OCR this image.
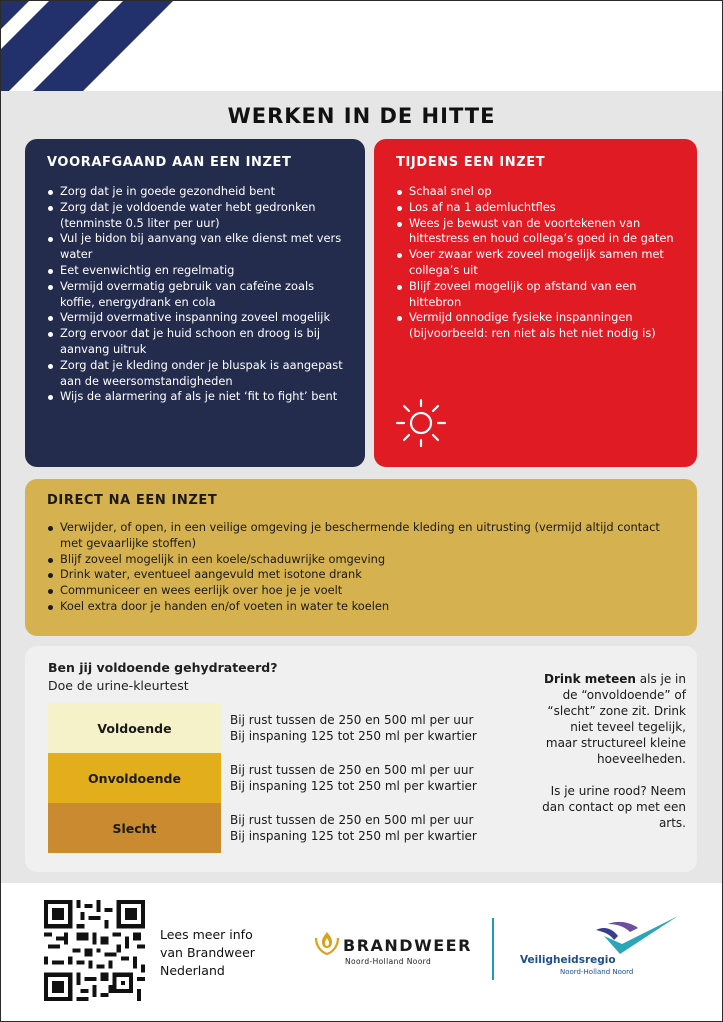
WERKEN IN DE HITTE
VOORAFGAAND AAN EEN INZET
Zorg dat je in goede gezondheid bent
Zorg dat je voldoende water hebt gedronken (tenminste 0.5 liter per uur)
Vul je bidon bij aanvang van elke dienst met vers water
Eet evenwichtig en regelmatig
Vermijd overmatig gebruik van cafeïne zoals koffie, energydrank en cola
Vermijd overmative inspanning zoveel mogelijk
Zorg ervoor dat je huid schoon en droog is bij aanvang uitruk
Zorg dat je kleding onder je bluspak is aangepast aan de weersomstandigheden
Wijs de alarmering af als je niet ‘fit to fight’ bent
TIJDENS EEN INZET
Schaal snel op
Los af na 1 ademluchtfles
Wees je bewust van de voortekenen van hittestress en houd collega’s goed in de gaten
Voer zwaar werk zoveel mogelijk samen met collega’s uit
Blijf zoveel mogelijk op afstand van een hittebron
Vermijd onnodige fysieke inspanningen (bijvoorbeeld: ren niet als het niet nodig is)
DIRECT NA EEN INZET
Verwijder, of open, in een veilige omgeving je beschermende kleding en uitrusting (vermijd altijd contact met gevaarlijke stoffen)
Blijf zoveel mogelijk in een koele/schaduwrijke omgeving
Drink water, eventueel aangevuld met isotone drank
Communiceer en wees eerlijk over hoe je je voelt
Koel extra door je handen en/of voeten in water te koelen
Ben jij voldoende gehydrateerd?
Doe de urine-kleurtest
Voldoende
Onvoldoende
Slecht
Bij rust tussen de 250 en 500 ml per uur
Bij inspaning 125 tot 250 ml per kwartier
Bij rust tussen de 250 en 500 ml per uur
Bij inspaning 125 tot 250 ml per kwartier
Bij rust tussen de 250 en 500 ml per uur
Bij inspaning 125 tot 250 ml per kwartier

Drink meteen als je in de “onvoldoende” of “slecht” zone zit. Drink niet teveel tegelijk, maar structureel kleine hoeveelheden.

Is je urine rood? Neem dan contact op met een arts.

Lees meer info
van Brandweer
Nederland
BRANDWEER
Noord-Holland Noord	Veiligheidsregio
Noord-Holland Noord
